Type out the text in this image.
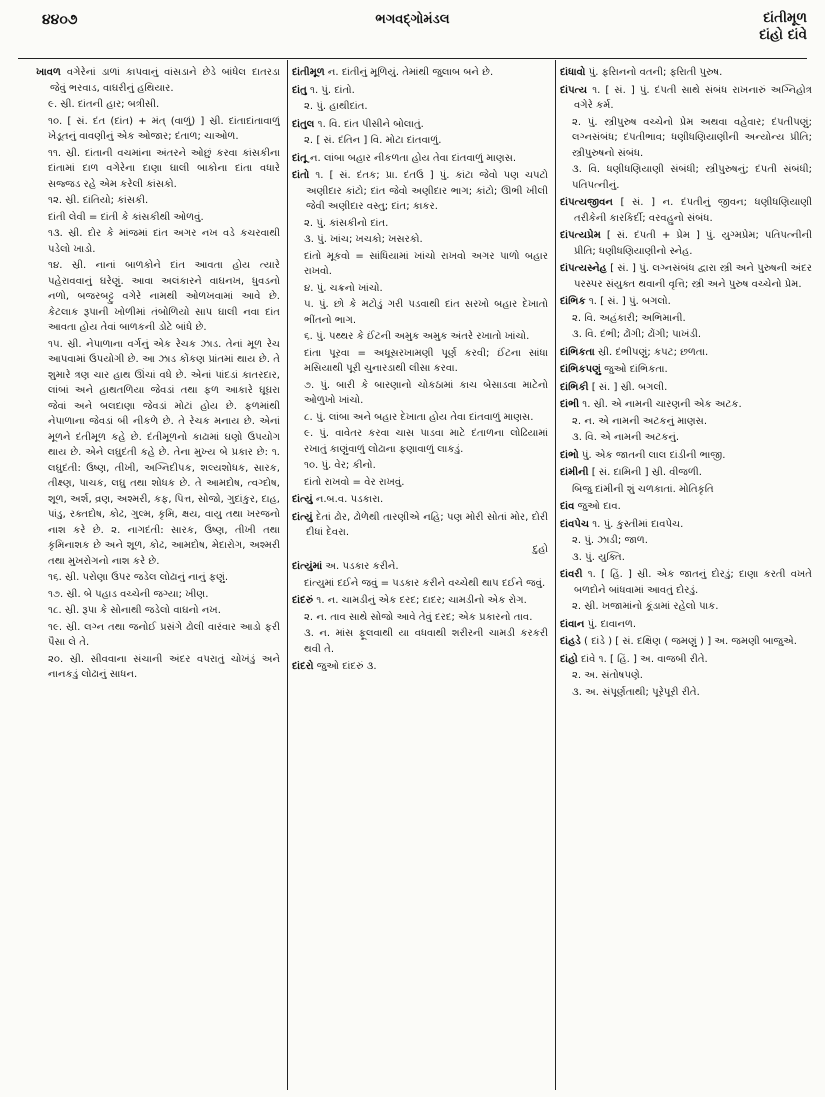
૪૪૦૭	ભગવદ્ગોમંડલ	દાંતીમૂળ
દાંહો દાંવે
ખાવળ વગેરેનાં ડાળાં કાપવાનું વાંસડાને છેડે બાંધેલ દાતરડા જેવું ભરવાડ, વાઘરીનું હથિયાર.
૯. સ્રી. દાંતની હાર; બત્રીસી.
૧૦. [ સં. દંત (દાંત) + મંત્ (વાળું) ] સ્રી. દાંતાદાંતાવાળું ખેડૂતનું વાવણીનું એક ઓજાર; દંતાળ; ચાઓળ.
૧૧. સ્રી. દાંતાની વચમાંના અંતરને ઓછું કરવા કાંસકીના દાંતામાં દાળ વગેરેના દાણા ઘાલી બાકોના દાંતા વધારે સજ્જડ રહે એમ કરેલી કાંસકો.
૧૨. સ્રી. દાંતિયો; કાંસકી.
દાંતી લેવી = દાંતી કે કાંસકીથી ઓળવું.
૧૩. સ્રી. દોર કે માંજમાં દાંત અગર નખ વડે કચરવાથી પડેલો ખાડો.
૧૪. સ્રી. નાનાં બાળકોને દાંત આવતા હોય ત્યારે પહેરાવવાનું ઘરેણું. આવા અલંકારને વાઘનખ, ધુવડનો નળો, બજરબટ્ટુ વગેરે નામથી ઓળખવામાં આવે છે. કેટલાક રૂપાની ખોળીમાં તંબોળિયો સાપ ઘાલી નવા દાંત આવતા હોય તેવાં બાળકની ડોટે બાંધે છે.
૧૫. સ્રી. નેપાળાના વર્ગનું એક રેચક ઝાડ. તેનાં મૂળ રેચ આપવામાં ઉપયોગી છે. આ ઝાડ કોંકણ પ્રાંતમાં થાય છે. તે શુમારે ત્રણ ચાર હાથ ઊંચાં વધે છે. એનાં પાંદડાં કાતરદાર, લાંબાં અને હાથતળિયા જેવડાં તથા ફળ આકારે ઘૂઘરા જેવાં અને બલદાણા જેવડાં મોટાં હોય છે. ફળમાંથી નેપાળાના જેવડાં બી નીકળે છે. તે રેચક મનાય છે. એનાં મૂળને દંતીમૂળ કહે છે. દંતીમૂળનો કાઢામાં ઘણો ઉપયોગ થાય છે. એને લઘુદંતી કહે છે. તેના મુખ્ય બે પ્રકાર છે: ૧. લઘુદંતી: ઉષ્ણ, તીખી, અગ્નિદીપક, શલ્યશોધક, સારક, તીક્ષ્ણ, પાચક, લઘુ તથા શોધક છે. તે આમદોષ, ત્વગ્દોષ, શૂળ, અર્શ, વ્રણ, અશ્મરી, કફ, પિત્ત, સોજો, ગુદાંકુર, દાહ, પાંડુ, રક્તદોષ, કોઢ, ગુલ્મ, કૃમિ, ક્ષય, વાયુ તથા ખરજનો નાશ કરે છે. ૨. નાગદંતી: સારક, ઉષ્ણ, તીખી તથા કૃમિનાશક છે અને શૂળ, કોઢ, આમદોષ, મેદારોગ, અશ્મરી તથા મુખરોગનો નાશ કરે છે.
૧૬. સ્રી. પરોણા ઉપર જડેલ લોઢાનું નાનું ફણું.
૧૭. સ્રી. બે પહાડ વચ્ચેની જગ્યા; ખીણ.
૧૮. સ્રી. રૂપા કે સોનાથી જડેલો વાઘનો નખ.
૧૯. સ્રી. લગ્ન તથા જનોઈ પ્રસંગે ઢોલી વારંવાર આડો ફરી પૈસા લે તે.
૨૦. સ્રી. સીવવાના સંચાની અંદર વપરાતું ચોખંડું અને નાનકડું લોઢાનું સાધન.
દાંતીમૂળ ન. દાંતીનું મૂળિયું. તેમાંથી જુલાબ બને છે.
દાંતુ ૧. પું. દાંતો.
૨. પું. હાથીદાંત.
દાંતુલ ૧. વિ. દાંત પીસીને બોલાતું.
૨. [ સં. દંતિન ] વિ. મોટા દાંતવાળું.
દાંતૂ ન. લાંબા બહાર નીકળતા હોય તેવા દાંતવાળું માણસ.
દાંતો ૧. [ સં. દંતક; પ્રા. દંતઉ ] પું. કાંટા જેવો પણ ચપટો અણીદાર કાંટો; દાંત જેવો અણીદાર ભાગ; કાંટો; ઊભી ખીલી જેવી અણીદાર વસ્તુ; દાંત; કાકર.
૨. પું. કાંસકીનો દાંત.
૩. પું. ખાંચ; ખચકો; ખસરકો.
દાંતો મૂકવો = સાંધિયામાં ખાંચો રાખવો અગર પાળો બહાર રાખવો.
૪. પું. ચક્રનો ખાંચો.
૫. પું. છો કે મટોડું ગરી પડવાથી દાંત સરખો બહાર દેખાતો ભીંતનો ભાગ.
૬. પું. પથ્થર કે ઈંટની અમુક અમુક અંતરે રખાતો ખાંચો.
દાંતા પૂરવા = અધૂસરખામણી પૂર્ણ કરવી; ઈંટના સાંધા મસિયાથી પૂરી ચુનારડાથી લીસા કરવા.
૭. પું. બારી કે બારણાનો ચોકઠામાં કાચ બેસાડવા માટેનો ઓળુખો ખાંચો.
૮. પું. લાંબા અને બહાર દેખાતા હોય તેવા દાંતવાળું માણસ.
૯. પું. વાવેતર કરવા ચાસ પાડવા માટે દંતાળના લોઢિયામાં રખાતું કાણુંવાળું લોઢાના ફણાવાળું લાકડું.
૧૦. પું. વેર; કીનો.
દાંતો રાખવો = વેર રાખવું.
દાંત્યું ન.બ.વ. પડકારા.
દાંત્યું દેતાં ઢોર, ઢોળેથી તારણીએ નહિ; પણ મોરી સોતાં મોર, દોરી દીધાં દેવરા.
દુહો
દાંત્યુંમાં અ. પડકાર કરીને.
દાંત્યુમાં દઈને જવું = પડકાર કરીને વચ્ચેથી થાપ દઈને જવું.
દાંદરું ૧. ન. ચામડીનું એક દરદ; દાદર; ચામડીનો એક રોગ.
૨. ન. તાવ સાથે સોજો આવે તેવું દરદ; એક પ્રકારનો તાવ.
૩. ન. માંસ ફૂલવાથી યા વધવાથી શરીરની ચામડી કરકરી થવી તે.
દાંદરો જુઓ દાંદરું ૩.
દાંધાવો પું. ફરિાનનો વતની; ફરિાતી પુરુષ.
દાંપત્ય ૧. [ સં. ] પું. દંપતી સાથે સંબંધ રાખનારું અગ્નિહોત્ર વગેરે કર્મ.
૨. પું. સ્ત્રીપુરુષ વચ્ચેનો પ્રેમ અથવા વહેવાર; દંપતીપણું; લગ્નસંબંધ; દંપતીભાવ; ધણીધણિયાણીની અન્યોન્ય પ્રીતિ; સ્ત્રીપુરુષનો સંબંધ.
૩. વિ. ધણીધણિયાણી સંબંધી; સ્ત્રીપુરુષનું; દંપતી સંબંધી; પતિપત્નીનું.
દાંપત્યજીવન [ સં. ] ન. દંપતીનું જીવન; ધણીધણિયાણી તરીકેની કારકિર્દી; વરવહુનો સંબંધ.
દાંપત્યપ્રેમ [ સં. દંપતી + પ્રેમ ] પું. યુગ્મપ્રેમ; પતિપત્નીની પ્રીતિ; ધણીધણિયાણીનો સ્નેહ.
દાંપત્યસ્નેહ [ સં. ] પું. લગ્નસંબંધ દ્વારા સ્ત્રી અને પુરુષની અંદર પરસ્પર સંયુક્ત થવાની વૃત્તિ; સ્ત્રી અને પુરુષ વચ્ચેનો પ્રેમ.
દાંભિક ૧. [ સં. ] પું. બગલો.
૨. વિ. અહંકારી; અભિમાની.
૩. વિ. દંભી; ઢોંગી; ઢોંગી; પાખંડી.
દાંભિકતા સ્રી. દંભીપણું; કપટ; છળતા.
દાંભિકપણું જુઓ દાંભિકતા.
દાંભિકી [ સં. ] સ્રી. બગલી.
દાંભી ૧. સ્રી. એ નામની ચારણની એક અટક.
૨. ન. એ નામની અટકનું માણસ.
૩. વિ. એ નામની અટકનું.
દાંભો પું. એક જાતની લાલ દાંડીની ભાજી.
દાંમીની [ સં. દામિની ] સ્રી. વીજળી.
બિજુ દાંમીની શું ચળકાતાં. મોતિકૃતિ
દાંવ જુઓ દાવ.
દાંવપેચ ૧. પું. કુસ્તીમાં દાવપેચ.
૨. પું. ઝાડી; જાળ.
૩. પું. યુક્તિ.
દાંવરી ૧. [ હિં. ] સ્રી. એક જાતનું દોરડું; દાણા કરતી વખતે બળદોને બાંધવામાં આવતું દોરડું.
૨. સ્રી. ખજામાંનો કૂંડામાં રહેલો પાક.
દાંવાન પું. દાવાનળ.
દાંહડે ( દાંડે ) [ સં. દક્ષિણ ( જમણું ) ] અ. જમણી બાજુએ.
દાંહો દાંવે ૧. [ હિં. ] અ. વાજબી રીતે.
૨. અ. સંતોષપણે.
૩. અ. સંપૂર્ણતાથી; પૂરેપૂરી રીતે.
